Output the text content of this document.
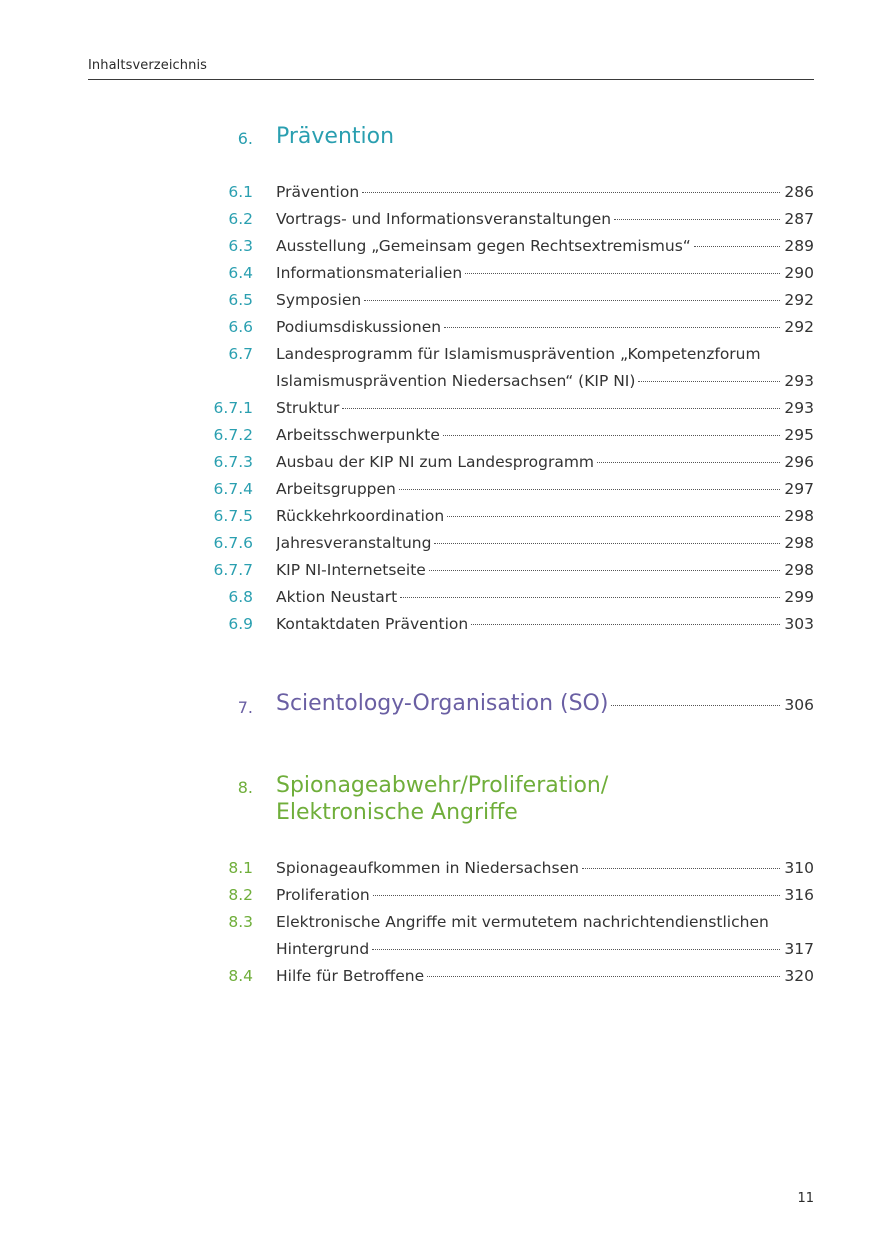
Inhaltsverzeichnis
6. Prävention
6.1 Prävention	286
6.2 Vortrags- und Informationsveranstaltungen	287
6.3 Ausstellung „Gemeinsam gegen Rechtsextremismus“	289
6.4 Informationsmaterialien	290
6.5 Symposien	292
6.6 Podiumsdiskussionen	292
6.7 Landesprogramm für Islamismusprävention „Kompetenzforum
Islamismusprävention Niedersachsen“ (KIP NI)	293
6.7.1 Struktur	293
6.7.2 Arbeitsschwerpunkte	295
6.7.3 Ausbau der KIP NI zum Landesprogramm	296
6.7.4 Arbeitsgruppen	297
6.7.5 Rückkehrkoordination	298
6.7.6 Jahresveranstaltung	298
6.7.7 KIP NI-Internetseite	298
6.8 Aktion Neustart	299
6.9 Kontaktdaten Prävention	303
7. Scientology-Organisation (SO)	306
8. Spionageabwehr/Proliferation/
Elektronische Angriffe
8.1 Spionageaufkommen in Niedersachsen	310
8.2 Proliferation	316
8.3 Elektronische Angriffe mit vermutetem nachrichtendienstlichen
Hintergrund	317
8.4 Hilfe für Betroffene	320
11
